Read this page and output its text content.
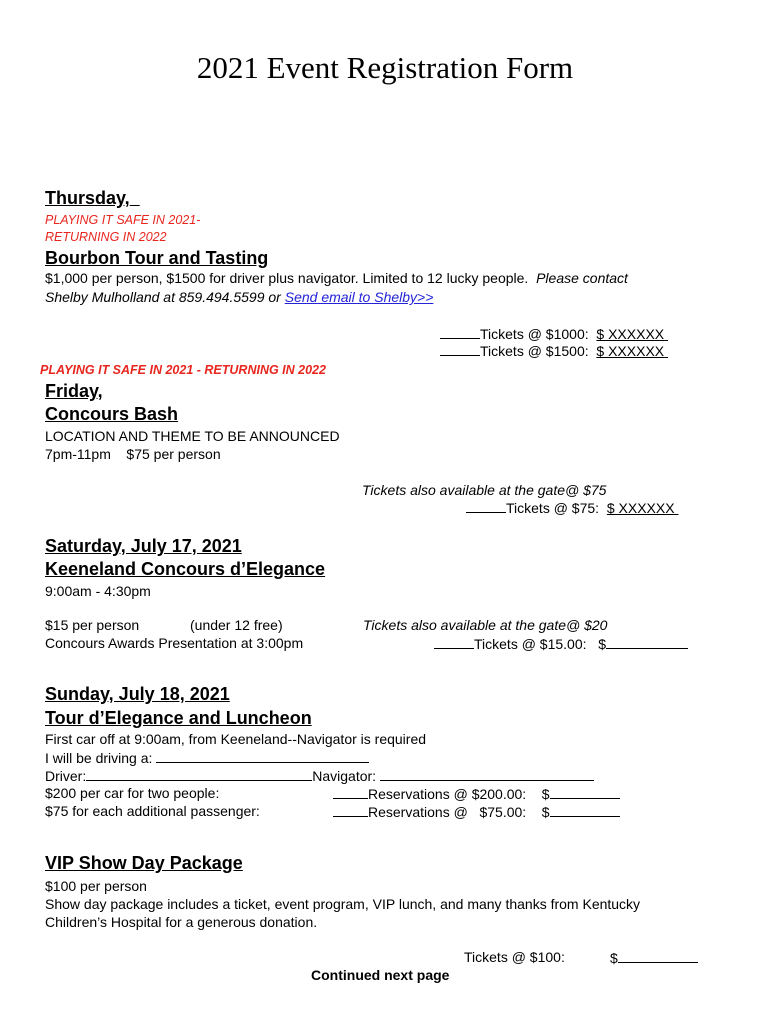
2021 Event Registration Form
Thursday,
PLAYING IT SAFE IN 2021-
RETURNING IN 2022
Bourbon Tour and Tasting
$1,000 per person, $1500 for driver plus navigator. Limited to 12 lucky people. Please contact
Shelby Mulholland at 859.494.5599 or Send email to Shelby>>
Tickets @ $1000: $ XXXXXX
Tickets @ $1500: $ XXXXXX
PLAYING IT SAFE IN 2021 - RETURNING IN 2022
Friday,
Concours Bash
LOCATION AND THEME TO BE ANNOUNCED
7pm-11pm    $75 per person
Tickets also available at the gate@ $75
Tickets @ $75: $ XXXXXX
Saturday, July 17, 2021
Keeneland Concours d’Elegance
9:00am - 4:30pm
$15 per person	(under 12 free)
Concours Awards Presentation at 3:00pm
Tickets also available at the gate@ $20
Tickets @ $15.00: $
Sunday, July 18, 2021
Tour d’Elegance and Luncheon
First car off at 9:00am, from Keeneland--Navigator is required
I will be driving a:
Driver:	Navigator:
$200 per car for two people:
$75 for each additional passenger:
Reservations @ $200.00: $
Reservations @   $75.00: $
VIP Show Day Package
$100 per person
Show day package includes a ticket, event program, VIP lunch, and many thanks from Kentucky
Children’s Hospital for a generous donation.
Tickets @ $100:	$
Continued next page
